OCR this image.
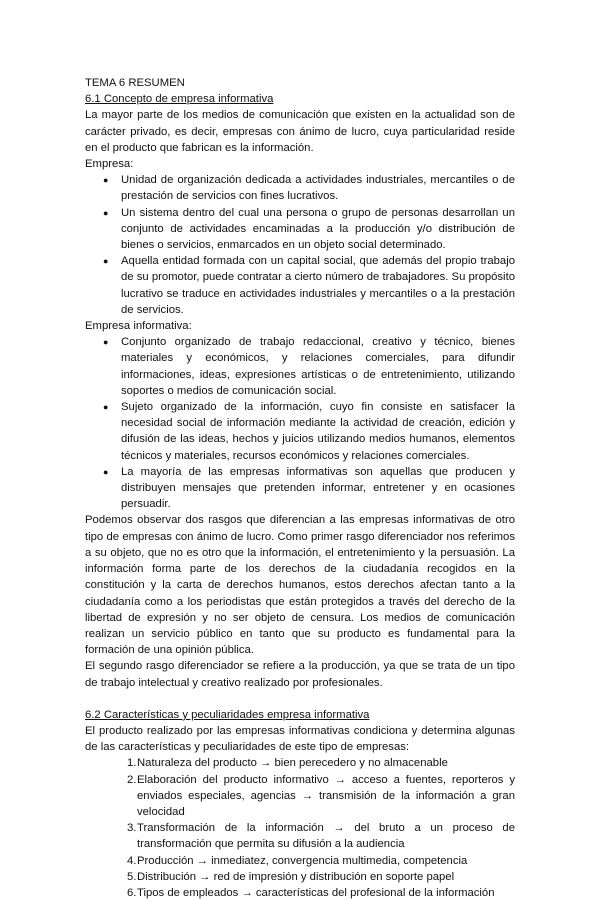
TEMA 6 RESUMEN
6.1 Concepto de empresa informativa

La mayor parte de los medios de comunicación que existen en la actualidad son de carácter privado, es decir, empresas con ánimo de lucro, cuya particularidad reside en el producto que fabrican es la información.

Empresa:
● Unidad de organización dedicada a actividades industriales, mercantiles o de prestación de servicios con fines lucrativos.
● Un sistema dentro del cual una persona o grupo de personas desarrollan un conjunto de actividades encaminadas a la producción y/o distribución de bienes o servicios, enmarcados en un objeto social determinado.
● Aquella entidad formada con un capital social, que además del propio trabajo de su promotor, puede contratar a cierto número de trabajadores. Su propósito lucrativo se traduce en actividades industriales y mercantiles o a la prestación de servicios.
Empresa informativa:
● Conjunto organizado de trabajo redaccional, creativo y técnico, bienes materiales y económicos, y relaciones comerciales, para difundir informaciones, ideas, expresiones artísticas o de entretenimiento, utilizando soportes o medios de comunicación social.
● Sujeto organizado de la información, cuyo fin consiste en satisfacer la necesidad social de información mediante la actividad de creación, edición y difusión de las ideas, hechos y juicios utilizando medios humanos, elementos técnicos y materiales, recursos económicos y relaciones comerciales.
● La mayoría de las empresas informativas son aquellas que producen y distribuyen mensajes que pretenden informar, entretener y en ocasiones persuadir.

Podemos observar dos rasgos que diferencian a las empresas informativas de otro tipo de empresas con ánimo de lucro. Como primer rasgo diferenciador nos referimos a su objeto, que no es otro que la información, el entretenimiento y la persuasión. La información forma parte de los derechos de la ciudadanía recogidos en la constitución y la carta de derechos humanos, estos derechos afectan tanto a la ciudadanía como a los periodistas que están protegidos a través del derecho de la libertad de expresión y no ser objeto de censura. Los medios de comunicación realizan un servicio público en tanto que su producto es fundamental para la formación de una opinión pública.

El segundo rasgo diferenciador se refiere a la producción, ya que se trata de un tipo de trabajo intelectual y creativo realizado por profesionales.

6.2 Características y peculiaridades empresa informativa

El producto realizado por las empresas informativas condiciona y determina algunas de las características y peculiaridades de este tipo de empresas:

1. Naturaleza del producto → bien perecedero y no almacenable
2. Elaboración del producto informativo → acceso a fuentes, reporteros y enviados especiales, agencias → transmisión de la información a gran velocidad
3. Transformación de la información → del bruto a un proceso de transformación que permita su difusión a la audiencia
4. Producción → inmediatez, convergencia multimedia, competencia
5. Distribución → red de impresión y distribución en soporte papel
6. Tipos de empleados → características del profesional de la información
